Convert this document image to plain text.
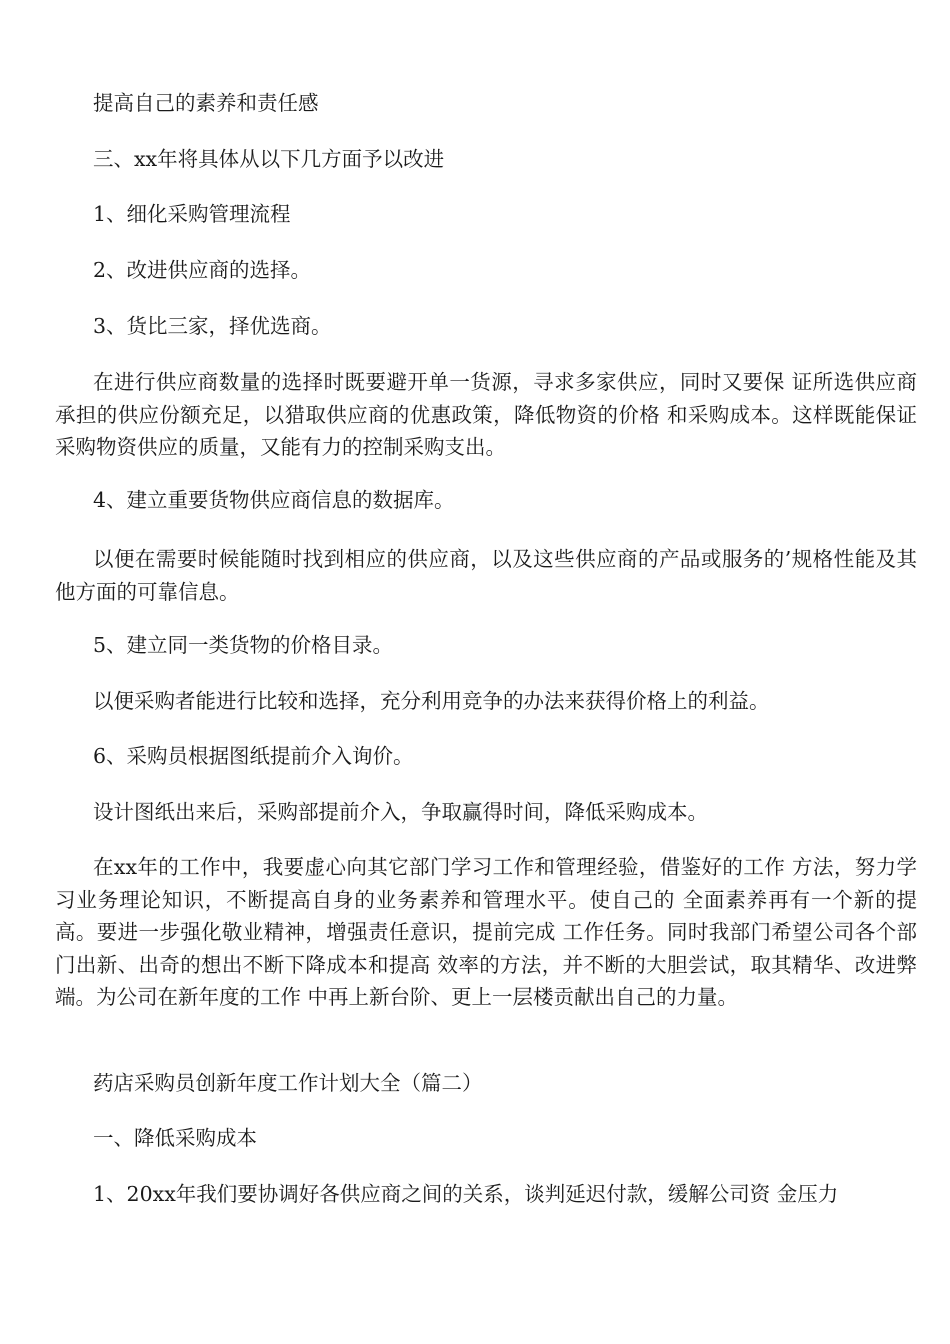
提高自己的素养和责任感

三、xx年将具体从以下几方面予以改进

1、细化采购管理流程

2、改进供应商的选择。

3、货比三家，择优选商。

在进行供应商数量的选择时既要避开单一货源，寻求多家供应，同时又要保 证所选供应商承担的供应份额充足，以猎取供应商的优惠政策，降低物资的价格 和采购成本。这样既能保证采购物资供应的质量，又能有力的控制采购支出。

4、建立重要货物供应商信息的数据库。

以便在需要时候能随时找到相应的供应商，以及这些供应商的产品或服务的’规格性能及其他方面的可靠信息。

5、建立同一类货物的价格目录。

以便采购者能进行比较和选择，充分利用竞争的办法来获得价格上的利益。

6、采购员根据图纸提前介入询价。

设计图纸出来后，采购部提前介入，争取赢得时间，降低采购成本。

在xx年的工作中，我要虚心向其它部门学习工作和管理经验，借鉴好的工作 方法，努力学习业务理论知识，不断提高自身的业务素养和管理水平。使自己的 全面素养再有一个新的提高。要进一步强化敬业精神，增强责任意识，提前完成 工作任务。同时我部门希望公司各个部门出新、出奇的想出不断下降成本和提高 效率的方法，并不断的大胆尝试，取其精华、改进弊端。为公司在新年度的工作 中再上新台阶、更上一层楼贡献出自己的力量。

药店采购员创新年度工作计划大全（篇二）

一、降低采购成本

1、20xx年我们要协调好各供应商之间的关系，谈判延迟付款，缓解公司资 金压力
